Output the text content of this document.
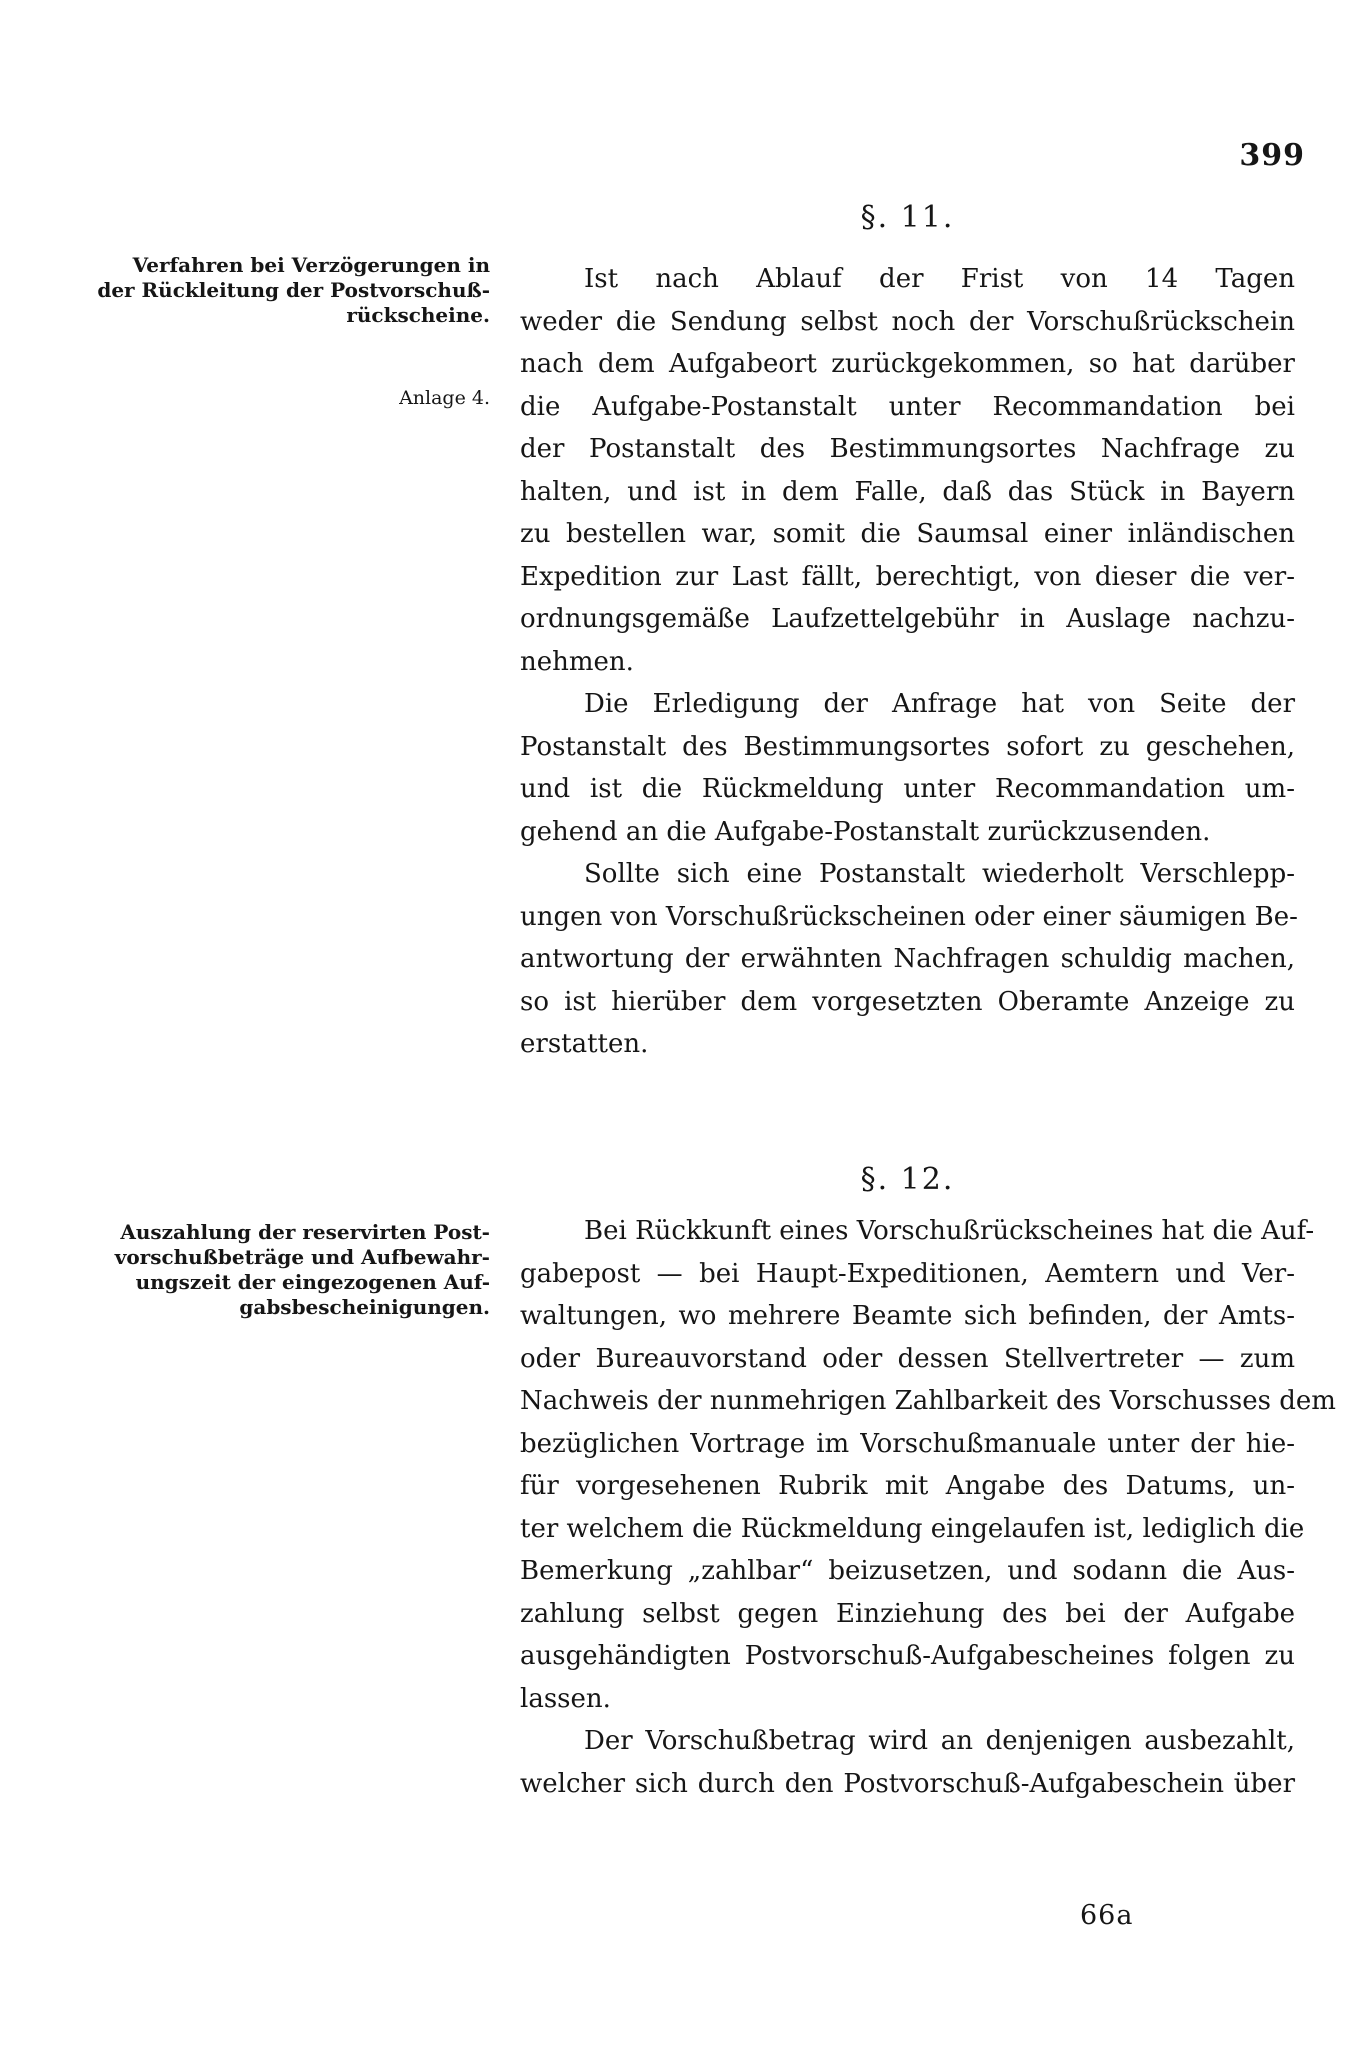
399
Verfahren bei Verzögerungen in
der Rückleitung der Postvorschuß-
rückscheine.
Anlage 4.
§. 11.
Ist nach Ablauf der Frist von 14 Tagen
weder die Sendung selbst noch der Vorschußrückschein
nach dem Aufgabeort zurückgekommen, so hat darüber
die Aufgabe-Postanstalt unter Recommandation bei
der Postanstalt des Bestimmungsortes Nachfrage zu
halten, und ist in dem Falle, daß das Stück in Bayern
zu bestellen war, somit die Saumsal einer inländischen
Expedition zur Last fällt, berechtigt, von dieser die ver-
ordnungsgemäße Laufzettelgebühr in Auslage nachzu-
nehmen.
Die Erledigung der Anfrage hat von Seite der
Postanstalt des Bestimmungsortes sofort zu geschehen,
und ist die Rückmeldung unter Recommandation um-
gehend an die Aufgabe-Postanstalt zurückzusenden.
Sollte sich eine Postanstalt wiederholt Verschlepp-
ungen von Vorschußrückscheinen oder einer säumigen Be-
antwortung der erwähnten Nachfragen schuldig machen,
so ist hierüber dem vorgesetzten Oberamte Anzeige zu
erstatten.
Auszahlung der reservirten Post-
vorschußbeträge und Aufbewahr-
ungszeit der eingezogenen Auf-
gabsbescheinigungen.
§. 12.
Bei Rückkunft eines Vorschußrückscheines hat die Auf-
gabepost — bei Haupt-Expeditionen, Aemtern und Ver-
waltungen, wo mehrere Beamte sich befinden, der Amts-
oder Bureauvorstand oder dessen Stellvertreter — zum
Nachweis der nunmehrigen Zahlbarkeit des Vorschusses dem
bezüglichen Vortrage im Vorschußmanuale unter der hie-
für vorgesehenen Rubrik mit Angabe des Datums, un-
ter welchem die Rückmeldung eingelaufen ist, lediglich die
Bemerkung „zahlbar“ beizusetzen, und sodann die Aus-
zahlung selbst gegen Einziehung des bei der Aufgabe
ausgehändigten Postvorschuß-Aufgabescheines folgen zu
lassen.
Der Vorschußbetrag wird an denjenigen ausbezahlt,
welcher sich durch den Postvorschuß-Aufgabeschein über
66a
